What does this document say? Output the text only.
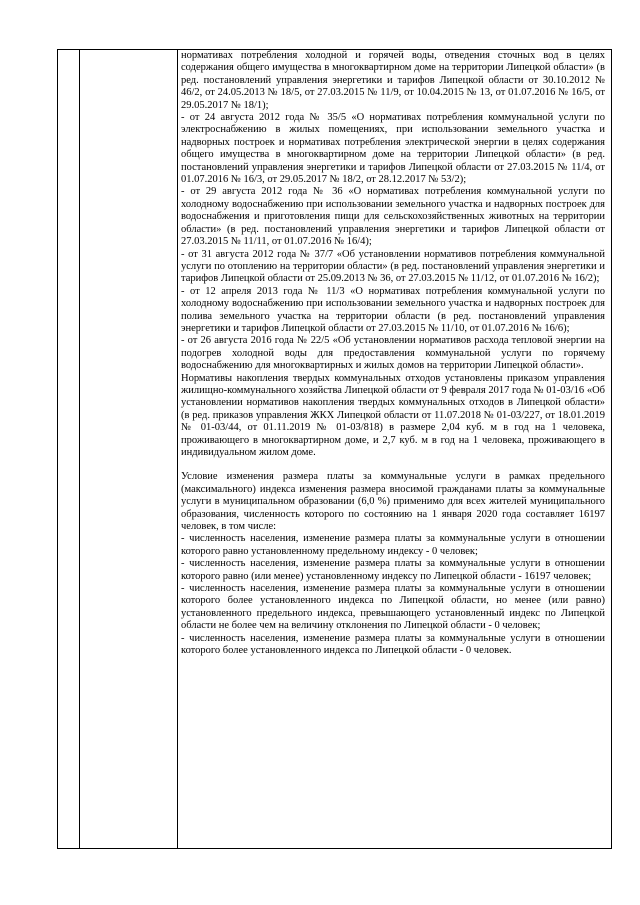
нормативах потребления холодной и горячей воды, отведения сточных вод в целях содержания общего имущества в многоквартирном доме на территории Липецкой области» (в ред. постановлений управления энергетики и тарифов Липецкой области от 30.10.2012 № 46/2, от 24.05.2013 № 18/5, от 27.03.2015 № 11/9, от 10.04.2015 № 13, от 01.07.2016 № 16/5, от 29.05.2017 № 18/1);

- от 24 августа 2012 года № 35/5 «О нормативах потребления коммунальной услуги по электроснабжению в жилых помещениях, при использовании земельного участка и надворных построек и нормативах потребления электрической энергии в целях содержания общего имущества в многоквартирном доме на территории Липецкой области» (в ред. постановлений управления энергетики и тарифов Липецкой области от 27.03.2015 № 11/4, от 01.07.2016 № 16/3, от 29.05.2017 № 18/2, от 28.12.2017 № 53/2);

- от 29 августа 2012 года № 36 «О нормативах потребления коммунальной услуги по холодному водоснабжению при использовании земельного участка и надворных построек для водоснабжения и приготовления пищи для сельскохозяйственных животных на территории области» (в ред. постановлений управления энергетики и тарифов Липецкой области от 27.03.2015 № 11/11, от 01.07.2016 № 16/4);

- от 31 августа 2012 года № 37/7 «Об установлении нормативов потребления коммунальной услуги по отоплению на территории области» (в ред. постановлений управления энергетики и тарифов Липецкой области от 25.09.2013 № 36, от 27.03.2015 № 11/12, от 01.07.2016 № 16/2);

- от 12 апреля 2013 года № 11/3 «О нормативах потребления коммунальной услуги по холодному водоснабжению при использовании земельного участка и надворных построек для полива земельного участка на территории области (в ред. постановлений управления энергетики и тарифов Липецкой области от 27.03.2015 № 11/10, от 01.07.2016 № 16/6);

- от 26 августа 2016 года № 22/5 «Об установлении нормативов расхода тепловой энергии на подогрев холодной воды для предоставления коммунальной услуги по горячему водоснабжению для многоквартирных и жилых домов на территории Липецкой области».

Нормативы накопления твердых коммунальных отходов установлены приказом управления жилищно-коммунального хозяйства Липецкой области от 9 февраля 2017 года № 01-03/16 «Об установлении нормативов накопления твердых коммунальных отходов в Липецкой области» (в ред. приказов управления ЖКХ Липецкой области от 11.07.2018 № 01-03/227, от 18.01.2019 № 01-03/44, от 01.11.2019 № 01-03/818) в размере 2,04 куб. м в год на 1 человека, проживающего в многоквартирном доме, и 2,7 куб. м в год на 1 человека, проживающего в индивидуальном жилом доме.

Условие изменения размера платы за коммунальные услуги в рамках предельного (максимального) индекса изменения размера вносимой гражданами платы за коммунальные услуги в муниципальном образовании (6,0 %) применимо для всех жителей муниципального образования, численность которого по состоянию на 1 января 2020 года составляет 16197 человек, в том числе:

- численность населения, изменение размера платы за коммунальные услуги в отношении которого равно установленному предельному индексу - 0 человек;

- численность населения, изменение размера платы за коммунальные услуги в отношении которого равно (или менее) установленному индексу по Липецкой области - 16197 человек;

- численность населения, изменение размера платы за коммунальные услуги в отношении которого более установленного индекса по Липецкой области, но менее (или равно) установленного предельного индекса, превышающего установленный индекс по Липецкой области не более чем на величину отклонения по Липецкой области - 0 человек;

- численность населения, изменение размера платы за коммунальные услуги в отношении которого более установленного индекса по Липецкой области - 0 человек.
